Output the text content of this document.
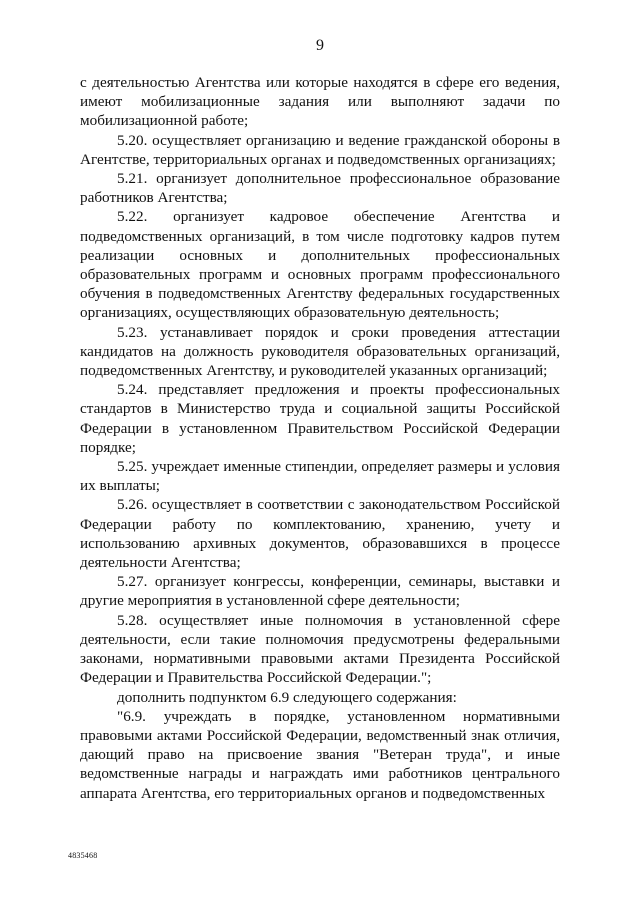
9

с деятельностью Агентства или которые находятся в сфере его ведения, имеют мобилизационные задания или выполняют задачи по мобилизационной работе;

5.20. осуществляет организацию и ведение гражданской обороны в Агентстве, территориальных органах и подведомственных организациях;

5.21. организует дополнительное профессиональное образование работников Агентства;

5.22. организует кадровое обеспечение Агентства и подведомственных организаций, в том числе подготовку кадров путем реализации основных и дополнительных профессиональных образовательных программ и основных программ профессионального обучения в подведомственных Агентству федеральных государственных организациях, осуществляющих образовательную деятельность;

5.23. устанавливает порядок и сроки проведения аттестации кандидатов на должность руководителя образовательных организаций, подведомственных Агентству, и руководителей указанных организаций;

5.24. представляет предложения и проекты профессиональных стандартов в Министерство труда и социальной защиты Российской Федерации в установленном Правительством Российской Федерации порядке;

5.25. учреждает именные стипендии, определяет размеры и условия их выплаты;

5.26. осуществляет в соответствии с законодательством Российской Федерации работу по комплектованию, хранению, учету и использованию архивных документов, образовавшихся в процессе деятельности Агентства;

5.27. организует конгрессы, конференции, семинары, выставки и другие мероприятия в установленной сфере деятельности;

5.28. осуществляет иные полномочия в установленной сфере деятельности, если такие полномочия предусмотрены федеральными законами, нормативными правовыми актами Президента Российской Федерации и Правительства Российской Федерации.";

дополнить подпунктом 6.9 следующего содержания:

"6.9. учреждать в порядке, установленном нормативными правовыми актами Российской Федерации, ведомственный знак отличия, дающий право на присвоение звания "Ветеран труда", и иные ведомственные награды и награждать ими работников центрального аппарата Агентства, его территориальных органов и подведомственных

4835468
